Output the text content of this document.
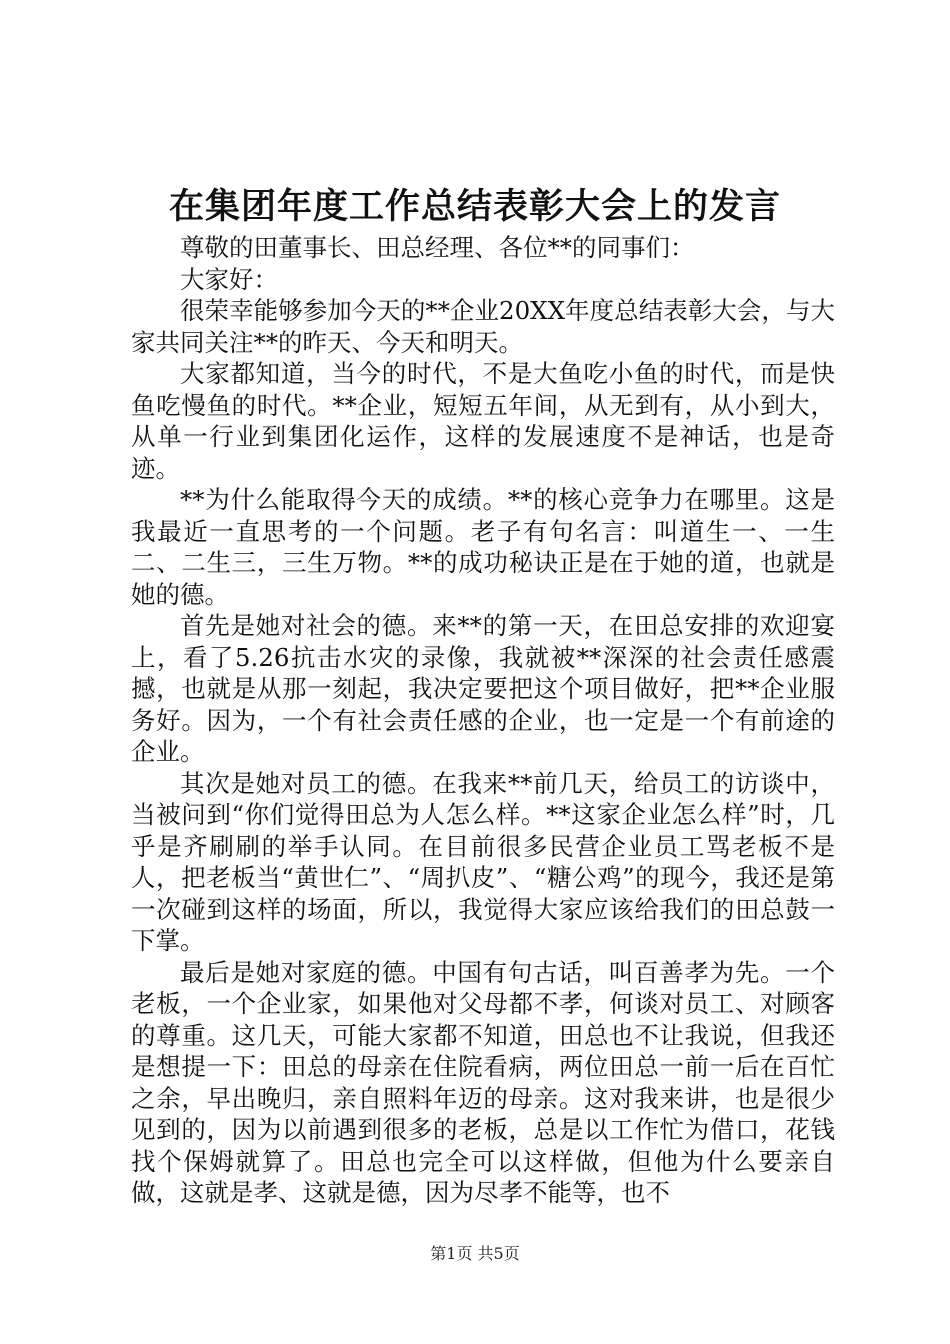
在集团年度工作总结表彰大会上的发言

尊敬的田董事长、田总经理、各位**的同事们：

大家好：

很荣幸能够参加今天的**企业20XX年度总结表彰大会，与大家共同关注**的昨天、今天和明天。

大家都知道，当今的时代，不是大鱼吃小鱼的时代，而是快鱼吃慢鱼的时代。**企业，短短五年间，从无到有，从小到大，从单一行业到集团化运作，这样的发展速度不是神话，也是奇迹。

**为什么能取得今天的成绩。**的核心竞争力在哪里。这是我最近一直思考的一个问题。老子有句名言：叫道生一、一生二、二生三，三生万物。**的成功秘诀正是在于她的道，也就是她的德。

首先是她对社会的德。来**的第一天，在田总安排的欢迎宴上，看了5.26抗击水灾的录像，我就被**深深的社会责任感震撼，也就是从那一刻起，我决定要把这个项目做好，把**企业服务好。因为，一个有社会责任感的企业，也一定是一个有前途的企业。

其次是她对员工的德。在我来**前几天，给员工的访谈中，当被问到“你们觉得田总为人怎么样。**这家企业怎么样”时，几乎是齐刷刷的举手认同。在目前很多民营企业员工骂老板不是人，把老板当“黄世仁”、“周扒皮”、“糖公鸡”的现今，我还是第一次碰到这样的场面，所以，我觉得大家应该给我们的田总鼓一下掌。

最后是她对家庭的德。中国有句古话，叫百善孝为先。一个老板，一个企业家，如果他对父母都不孝，何谈对员工、对顾客的尊重。这几天，可能大家都不知道，田总也不让我说，但我还是想提一下：田总的母亲在住院看病，两位田总一前一后在百忙之余，早出晚归，亲自照料年迈的母亲。这对我来讲，也是很少见到的，因为以前遇到很多的老板，总是以工作忙为借口，花钱找个保姆就算了。田总也完全可以这样做，但他为什么要亲自做，这就是孝、这就是德，因为尽孝不能等，也不

第1页 共5页
